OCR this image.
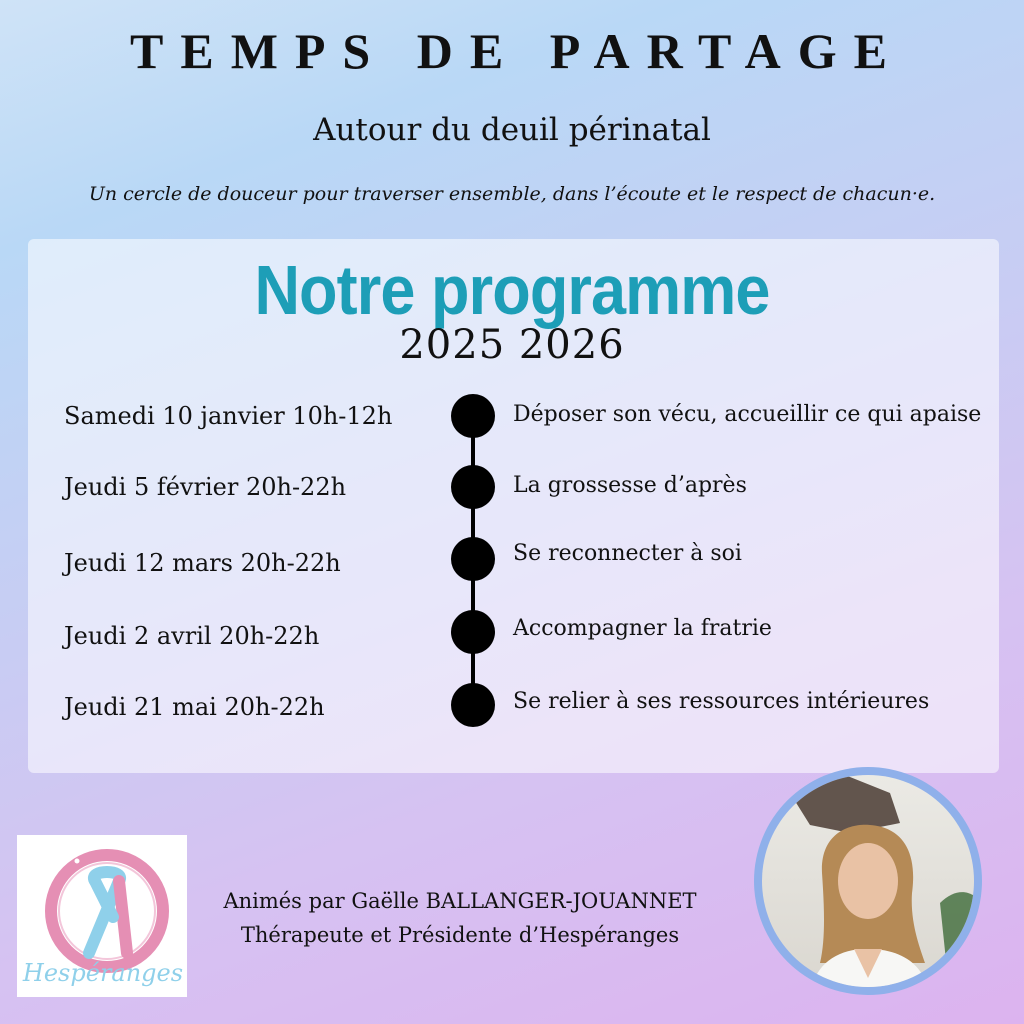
TEMPS DE PARTAGE

Autour du deuil périnatal

Un cercle de douceur pour traverser ensemble, dans l’écoute et le respect de chacun·e.

Notre programme

2025 2026

Samedi 10 janvier 10h-12h	Déposer son vécu, accueillir ce qui apaise
Jeudi 5 février 20h-22h	La grossesse d’après
Jeudi 12 mars 20h-22h	Se reconnecter à soi
Jeudi 2 avril 20h-22h	Accompagner la fratrie
Jeudi 21 mai 20h-22h	Se relier à ses ressources intérieures
Hespéranges
Animés par Gaëlle BALLANGER-JOUANNET
Thérapeute et Présidente d’Hespéranges
